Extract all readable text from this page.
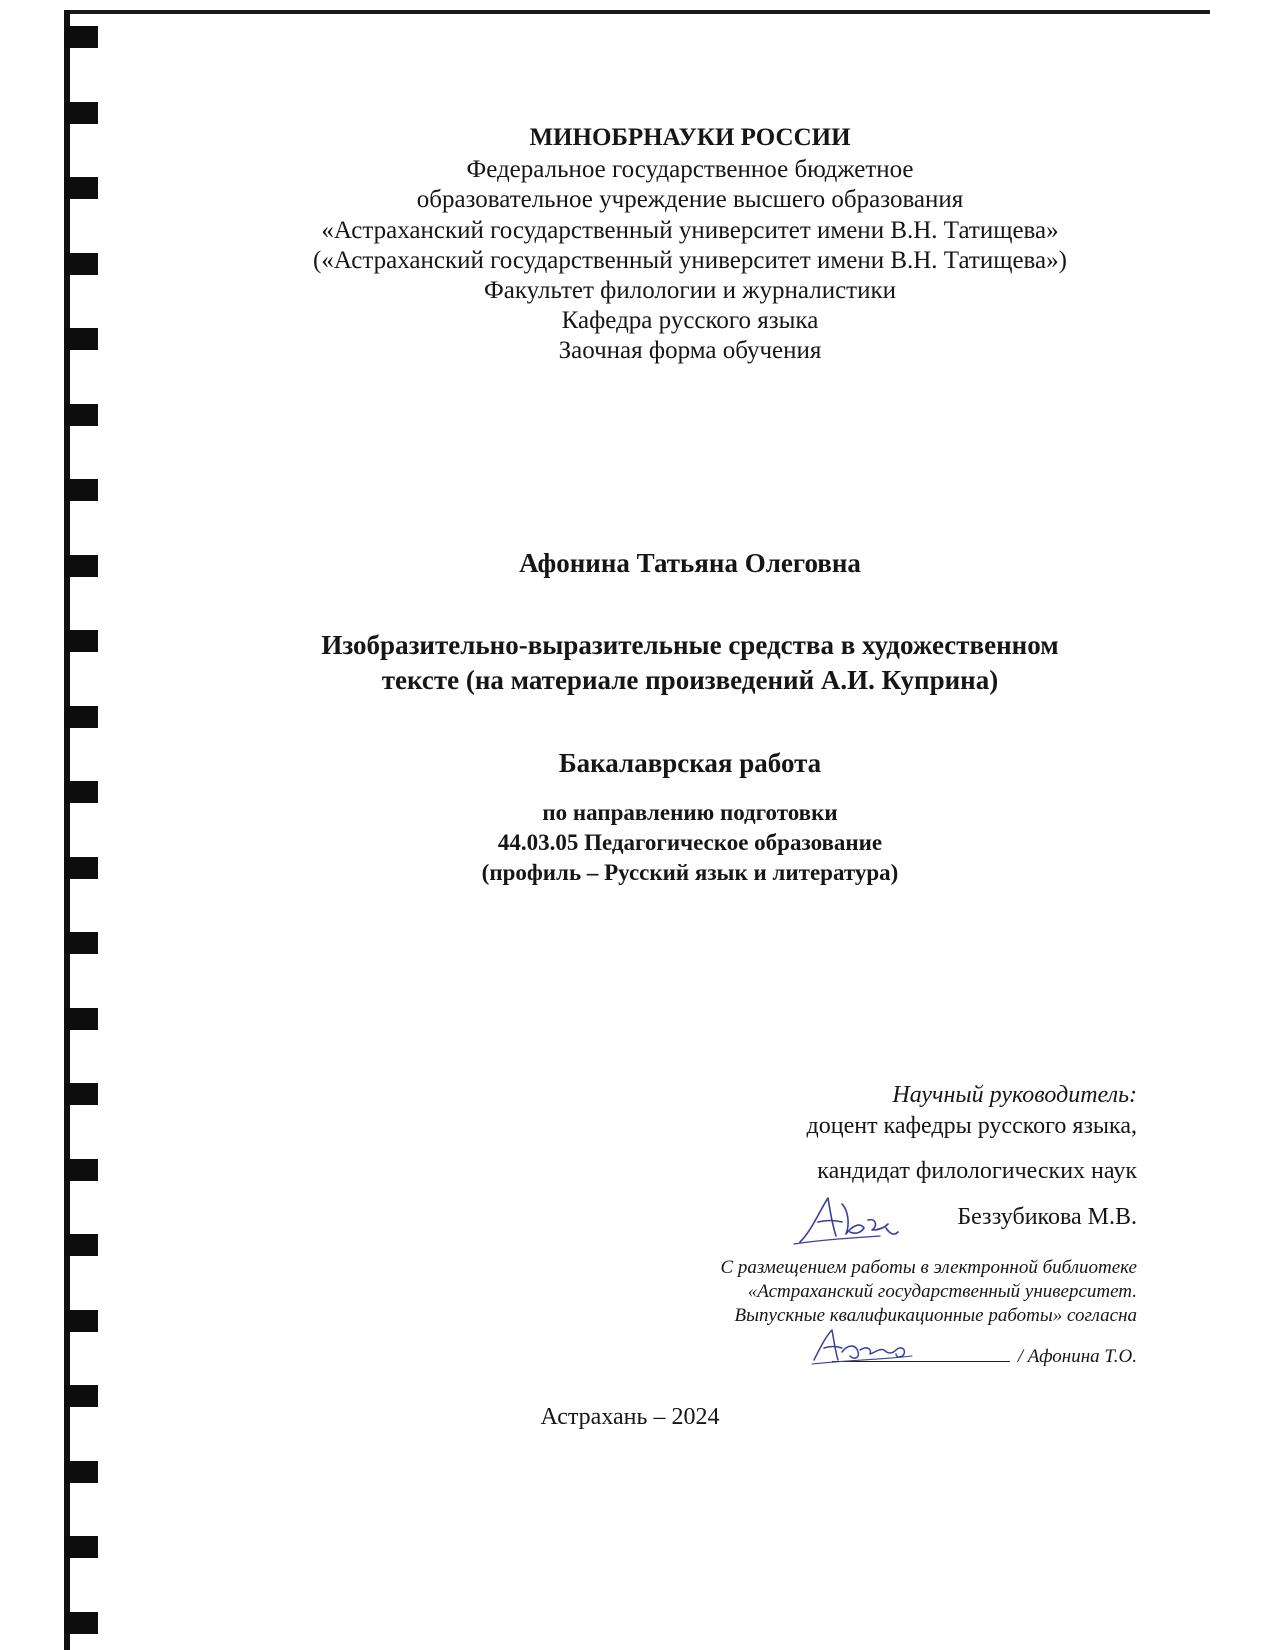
МИНОБРНАУКИ РОССИИ
Федеральное государственное бюджетное
образовательное учреждение высшего образования
«Астраханский государственный университет имени В.Н. Татищева»
(«Астраханский государственный университет имени В.Н. Татищева»)
Факультет филологии и журналистики
Кафедра русского языка
Заочная форма обучения
Афонина Татьяна Олеговна
Изобразительно-выразительные средства в художественном
тексте (на материале произведений А.И. Куприна)
Бакалаврская работа
по направлению подготовки
44.03.05 Педагогическое образование
(профиль – Русский язык и литература)
Научный руководитель:
доцент кафедры русского языка,
кандидат филологических наук
Беззубикова М.В.
С размещением работы в электронной библиотеке
«Астраханский государственный университет.
Выпускные квалификационные работы» согласна
/ Афонина Т.О.
Астрахань – 2024
